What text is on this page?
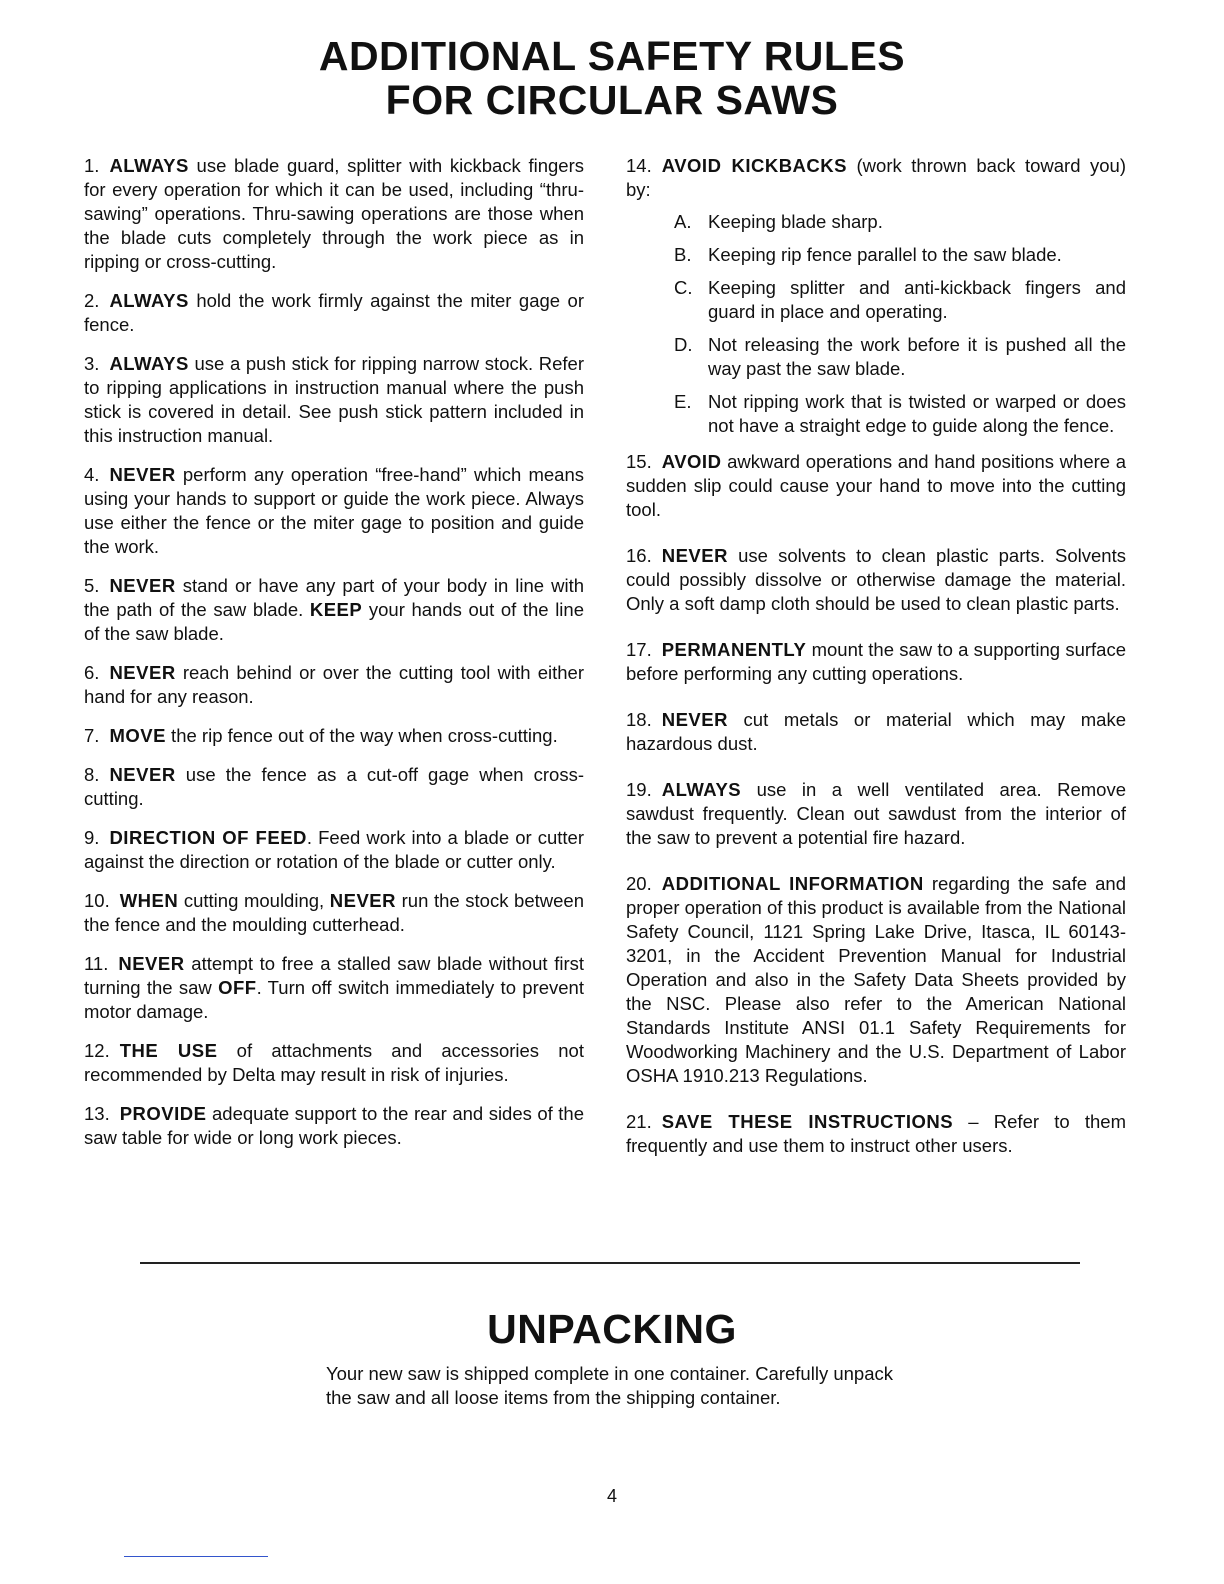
ADDITIONAL SAFETY RULES
FOR CIRCULAR SAWS

1. ALWAYS use blade guard, splitter with kickback fingers for every operation for which it can be used, including “thru-sawing” operations. Thru-sawing operations are those when the blade cuts completely through the work piece as in ripping or cross-cutting.

2. ALWAYS hold the work firmly against the miter gage or fence.

3. ALWAYS use a push stick for ripping narrow stock. Refer to ripping applications in instruction manual where the push stick is covered in detail. See push stick pattern included in this instruction manual.

4. NEVER perform any operation “free-hand” which means using your hands to support or guide the work piece. Always use either the fence or the miter gage to position and guide the work.

5. NEVER stand or have any part of your body in line with the path of the saw blade. KEEP your hands out of the line of the saw blade.

6. NEVER reach behind or over the cutting tool with either hand for any reason.

7. MOVE the rip fence out of the way when cross-cutting.

8. NEVER use the fence as a cut-off gage when cross-cutting.

9. DIRECTION OF FEED. Feed work into a blade or cutter against the direction or rotation of the blade or cutter only.

10. WHEN cutting moulding, NEVER run the stock between the fence and the moulding cutterhead.

11. NEVER attempt to free a stalled saw blade without first turning the saw OFF. Turn off switch immediately to prevent motor damage.

12. THE USE of attachments and accessories not recommended by Delta may result in risk of injuries.

13. PROVIDE adequate support to the rear and sides of the saw table for wide or long work pieces.

14. AVOID KICKBACKS (work thrown back toward you) by:

A. Keeping blade sharp.
B. Keeping rip fence parallel to the saw blade.
C. Keeping splitter and anti-kickback fingers and guard in place and operating.
D. Not releasing the work before it is pushed all the way past the saw blade.
E. Not ripping work that is twisted or warped or does not have a straight edge to guide along the fence.

15. AVOID awkward operations and hand positions where a sudden slip could cause your hand to move into the cutting tool.

16. NEVER use solvents to clean plastic parts. Solvents could possibly dissolve or otherwise damage the material. Only a soft damp cloth should be used to clean plastic parts.

17. PERMANENTLY mount the saw to a supporting surface before performing any cutting operations.

18. NEVER cut metals or material which may make hazardous dust.

19. ALWAYS use in a well ventilated area. Remove sawdust frequently. Clean out sawdust from the interior of the saw to prevent a potential fire hazard.

20. ADDITIONAL INFORMATION regarding the safe and proper operation of this product is available from the National Safety Council, 1121 Spring Lake Drive, Itasca, IL 60143-3201, in the Accident Prevention Manual for Industrial Operation and also in the Safety Data Sheets provided by the NSC. Please also refer to the American National Standards Institute ANSI 01.1 Safety Requirements for Woodworking Machinery and the U.S. Department of Labor OSHA 1910.213 Regulations.

21. SAVE THESE INSTRUCTIONS – Refer to them frequently and use them to instruct other users.

UNPACKING
Your new saw is shipped complete in one container. Carefully unpack the saw and all loose items from the shipping container.
4
